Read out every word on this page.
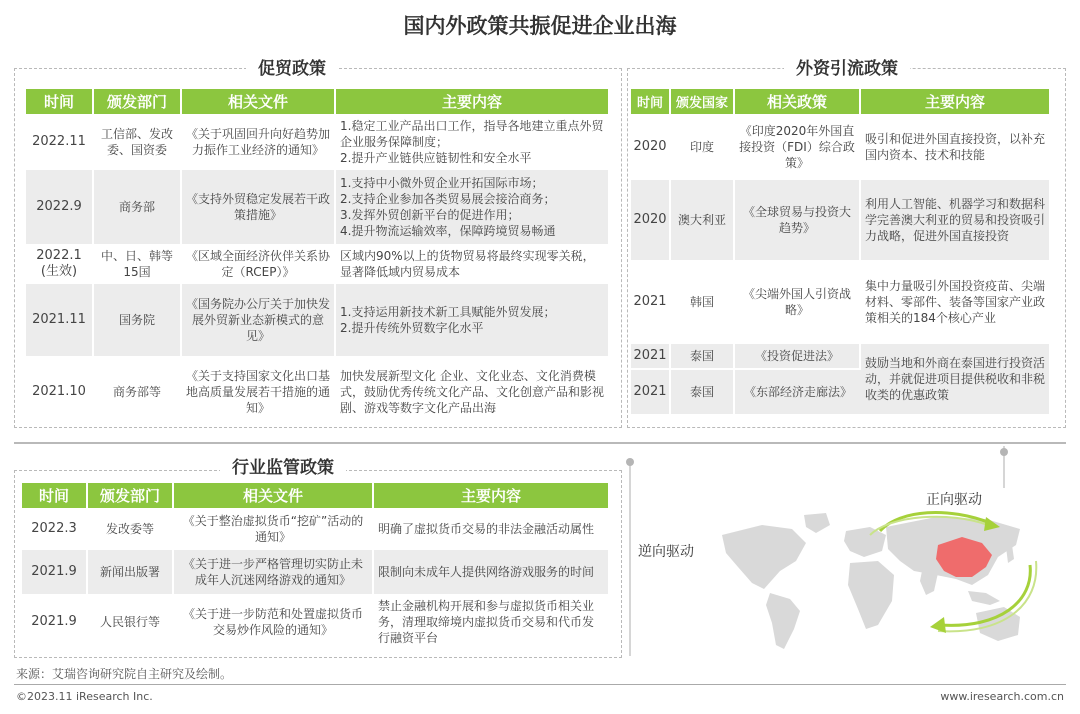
国内外政策共振促进企业出海
促贸政策
时间	颁发部门	相关文件	主要内容
2022.11	工信部、发改委、国资委	《关于巩固回升向好趋势加力振作工业经济的通知》	1.稳定工业产品出口工作，指导各地建立重点外贸企业服务保障制度；
2.提升产业链供应链韧性和安全水平
2022.9	商务部	《支持外贸稳定发展若干政策措施》	1.支持中小微外贸企业开拓国际市场；
2.支持企业参加各类贸易展会接洽商务；
3.发挥外贸创新平台的促进作用；
4.提升物流运输效率，保障跨境贸易畅通
2022.1
(生效)	中、日、韩等15国	《区域全面经济伙伴关系协定（RCEP）》	区域内90%以上的货物贸易将最终实现零关税，显著降低域内贸易成本
2021.11	国务院	《国务院办公厅关于加快发展外贸新业态新模式的意见》	1.支持运用新技术新工具赋能外贸发展；
2.提升传统外贸数字化水平
2021.10	商务部等	《关于支持国家文化出口基地高质量发展若干措施的通知》	加快发展新型文化 企业、文化业态、文化消费模式，鼓励优秀传统文化产品、文化创意产品和影视剧、游戏等数字文化产品出海
外资引流政策
时间	颁发国家	相关政策	主要内容
2020	印度	《印度2020年外国直接投资（FDI）综合政策》	吸引和促进外国直接投资，以补充国内资本、技术和技能
2020	澳大利亚	《全球贸易与投资大趋势》	利用人工智能、机器学习和数据科学完善澳大利亚的贸易和投资吸引力战略，促进外国直接投资
2021	韩国	《尖端外国人引资战略》	集中力量吸引外国投资疫苗、尖端材料、零部件、装备等国家产业政策相关的184个核心产业
2021	泰国	《投资促进法》	鼓励当地和外商在泰国进行投资活动，并就促进项目提供税收和非税收类的优惠政策
2021	泰国	《东部经济走廊法》	
行业监管政策
时间	颁发部门	相关文件	主要内容
2022.3	发改委等	《关于整治虚拟货币“挖矿”活动的通知》	明确了虚拟货币交易的非法金融活动属性
2021.9	新闻出版署	《关于进一步严格管理切实防止未成年人沉迷网络游戏的通知》	限制向未成年人提供网络游戏服务的时间
2021.9	人民银行等	《关于进一步防范和处置虚拟货币交易炒作风险的通知》	禁止金融机构开展和参与虚拟货币相关业务，清理取缔境内虚拟货币交易和代币发行融资平台
正向驱动
逆向驱动
来源：艾瑞咨询研究院自主研究及绘制。
©2023.11 iResearch Inc.	www.iresearch.com.cn
